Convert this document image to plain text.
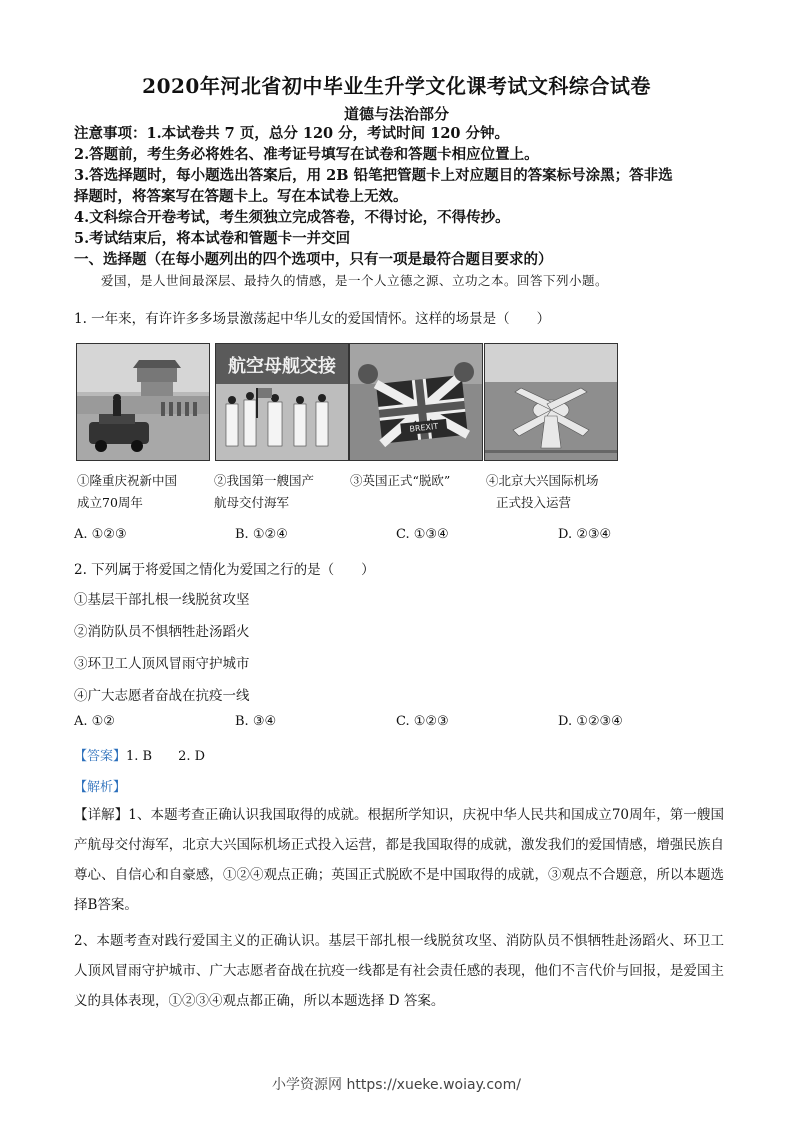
2020年河北省初中毕业生升学文化课考试文科综合试卷
道德与法治部分
注意事项：1.本试卷共 7 页，总分 120 分，考试时间 120 分钟。
2.答题前，考生务必将姓名、准考证号填写在试卷和答题卡相应位置上。
3.答选择题时，每小题选出答案后，用 2B 铅笔把管题卡上对应题目的答案标号涂黑；答非选
择题时，将答案写在答题卡上。写在本试卷上无效。
4.文科综合开卷考试，考生须独立完成答卷，不得讨论，不得传抄。
5.考试结束后，将本试卷和管题卡一并交回
一、选择题（在每小题列出的四个选项中，只有一项是最符合题目要求的）
爱国，是人世间最深层、最持久的情感，是一个人立德之源、立功之本。回答下列小题。
1. 一年来，有许许多多场景激荡起中华儿女的爱国情怀。这样的场景是（　　）
航空母舰交接
BREXIT
①隆重庆祝新中国
成立70周年
②我国第一艘国产
航母交付海军
③英国正式“脱欧”	④北京大兴国际机场
正式投入运营
A. ①②③	B. ①②④	C. ①③④	D. ②③④
2. 下列属于将爱国之情化为爱国之行的是（　　）
①基层干部扎根一线脱贫攻坚
②消防队员不惧牺牲赴汤蹈火
③环卫工人顶风冒雨守护城市
④广大志愿者奋战在抗疫一线
A. ①②	B. ③④	C. ①②③	D. ①②③④
【答案】1. B　　2. D
【解析】
【详解】1、本题考查正确认识我国取得的成就。根据所学知识，庆祝中华人民共和国成立70周年，第一艘国产航母交付海军，北京大兴国际机场正式投入运营，都是我国取得的成就，激发我们的爱国情感，增强民族自尊心、自信心和自豪感，①②④观点正确；英国正式脱欧不是中国取得的成就，③观点不合题意，所以本题选择B答案。
2、本题考查对践行爱国主义的正确认识。基层干部扎根一线脱贫攻坚、消防队员不惧牺牲赴汤蹈火、环卫工人顶风冒雨守护城市、广大志愿者奋战在抗疫一线都是有社会责任感的表现，他们不言代价与回报，是爱国主义的具体表现，①②③④观点都正确，所以本题选择 D 答案。
小学资源网 https://xueke.woiay.com/
